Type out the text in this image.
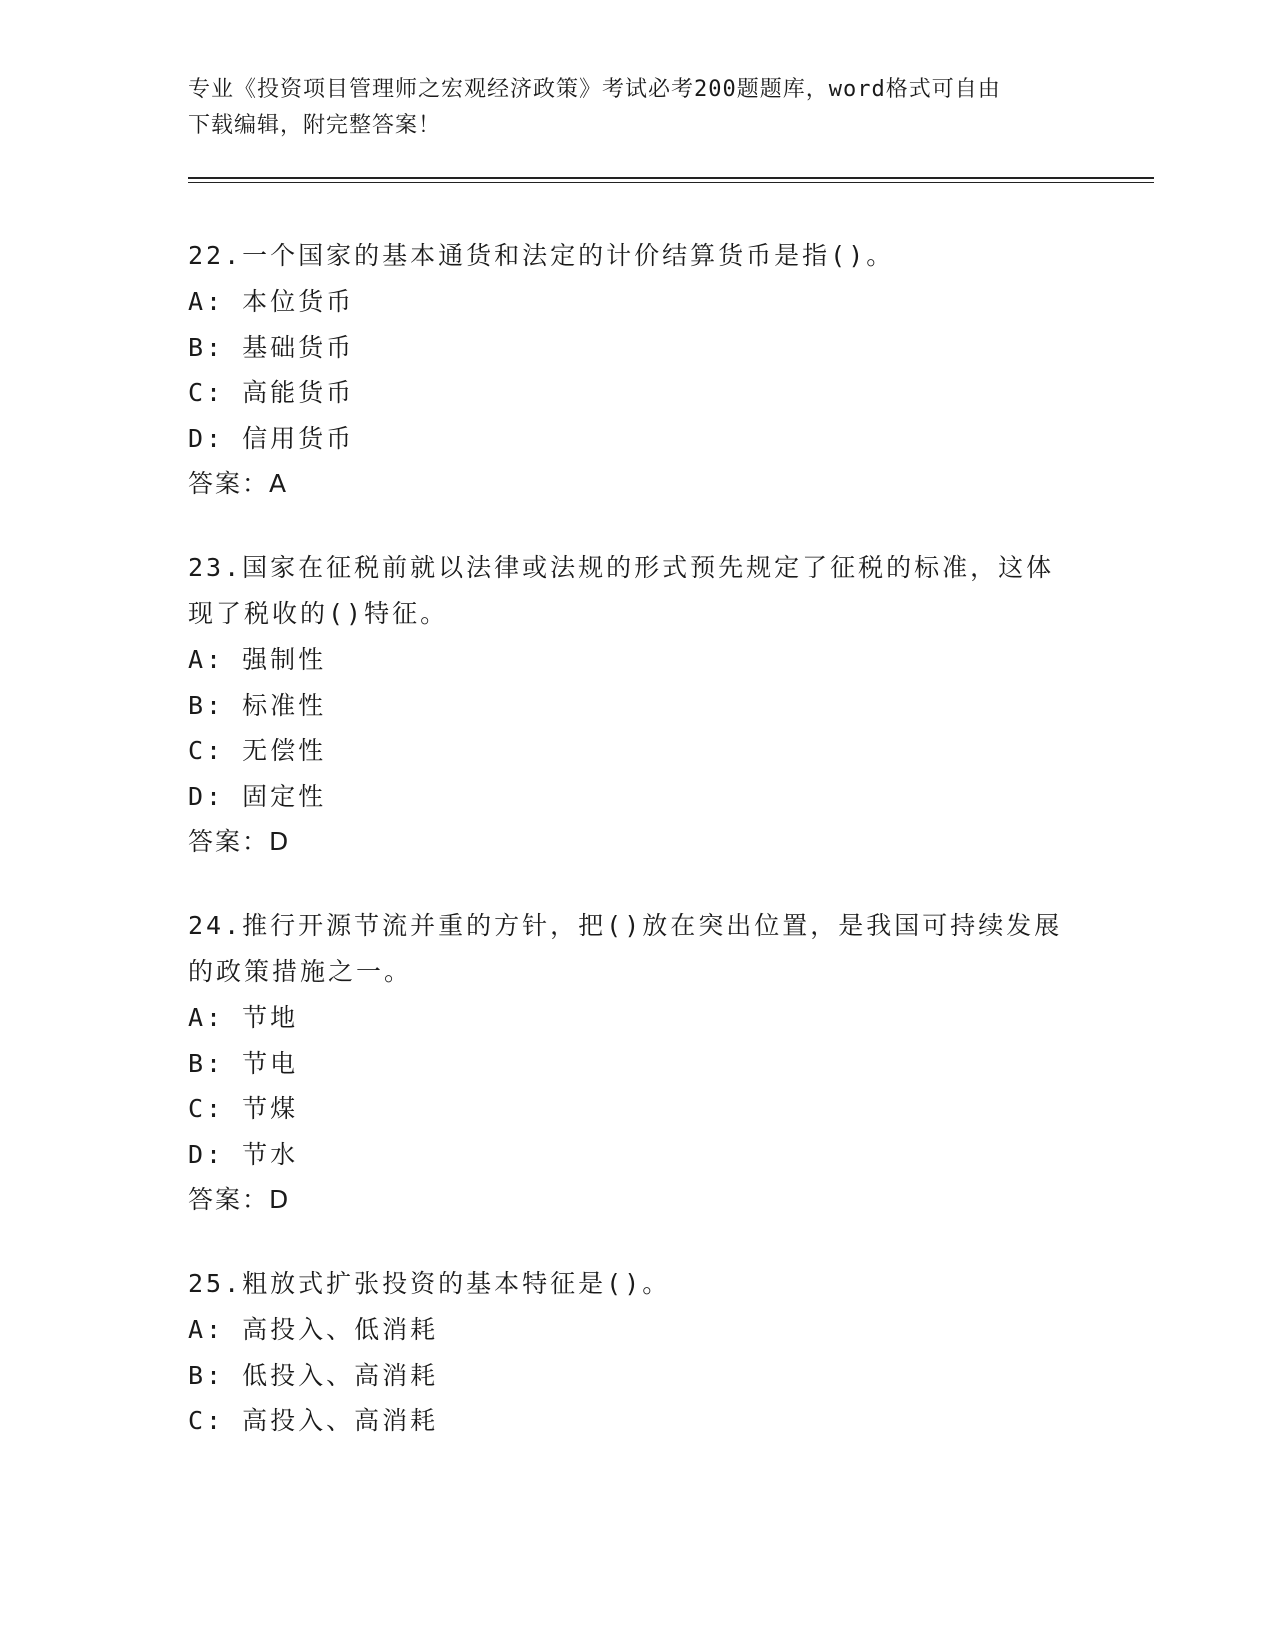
专业《投资项目管理师之宏观经济政策》考试必考200题题库，word格式可自由
下载编辑，附完整答案！
22.一个国家的基本通货和法定的计价结算货币是指()。
A: 本位货币
B: 基础货币
C: 高能货币
D: 信用货币
答案：A
23.国家在征税前就以法律或法规的形式预先规定了征税的标准，这体
现了税收的()特征。
A: 强制性
B: 标准性
C: 无偿性
D: 固定性
答案：D
24.推行开源节流并重的方针，把()放在突出位置，是我国可持续发展
的政策措施之一。
A: 节地
B: 节电
C: 节煤
D: 节水
答案：D
25.粗放式扩张投资的基本特征是()。
A: 高投入、低消耗
B: 低投入、高消耗
C: 高投入、高消耗
